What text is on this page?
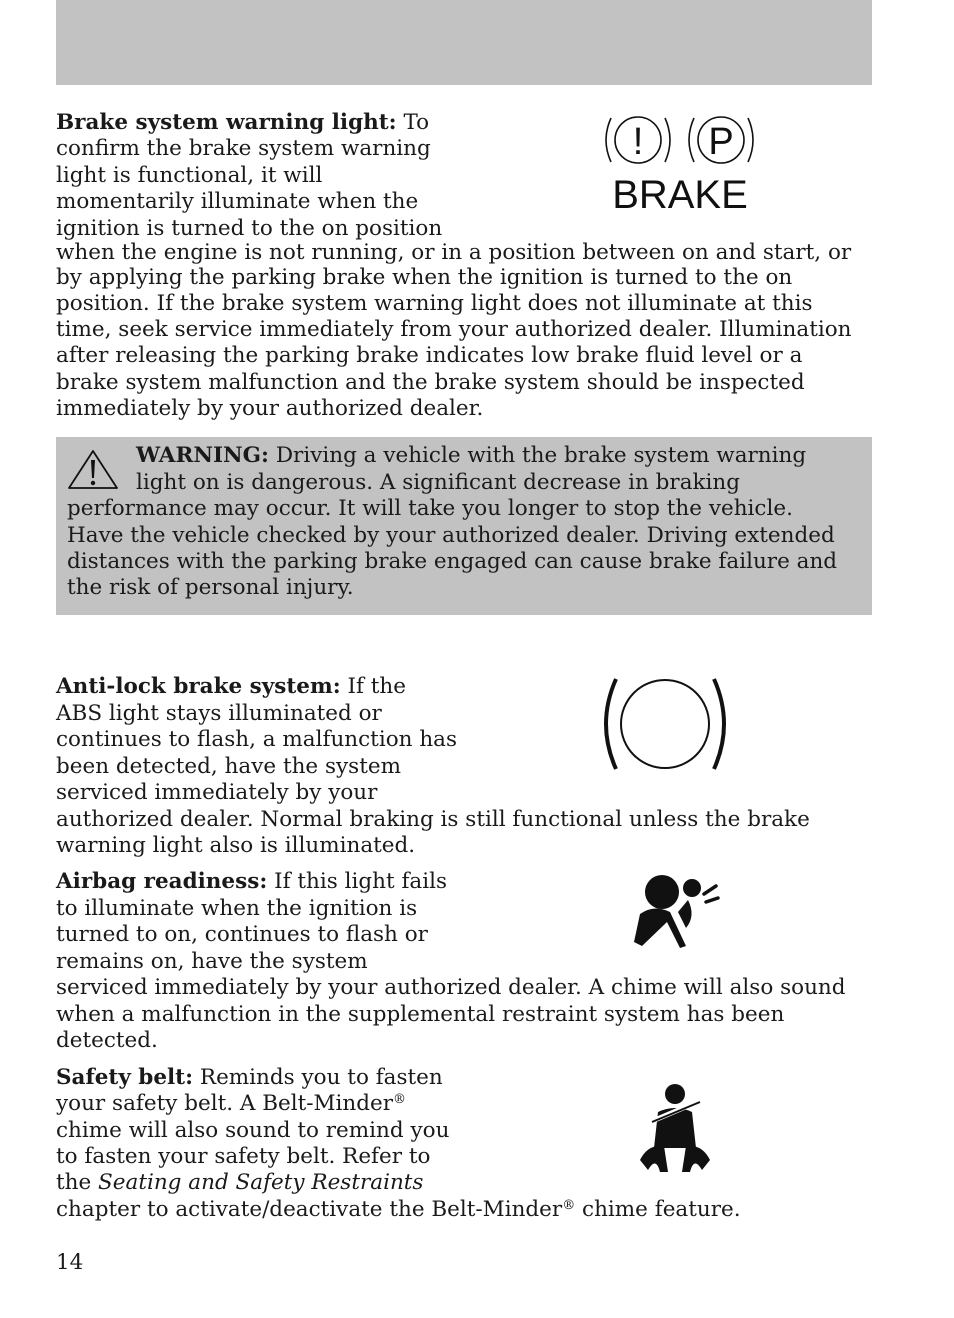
Brake system warning light: To
confirm the brake system warning
light is functional, it will
momentarily illuminate when the
ignition is turned to the on position
when the engine is not running, or in a position between on and start, or
by applying the parking brake when the ignition is turned to the on
position. If the brake system warning light does not illuminate at this
time, seek service immediately from your authorized dealer. Illumination
after releasing the parking brake indicates low brake fluid level or a
brake system malfunction and the brake system should be inspected
immediately by your authorized dealer.
! P
BRAKE
WARNING: Driving a vehicle with the brake system warning
light on is dangerous. A significant decrease in braking
performance may occur. It will take you longer to stop the vehicle.
Have the vehicle checked by your authorized dealer. Driving extended
distances with the parking brake engaged can cause brake failure and
the risk of personal injury.
Anti-lock brake system: If the
ABS light stays illuminated or
continues to flash, a malfunction has
been detected, have the system
serviced immediately by your
authorized dealer. Normal braking is still functional unless the brake
warning light also is illuminated.
Airbag readiness: If this light fails
to illuminate when the ignition is
turned to on, continues to flash or
remains on, have the system
serviced immediately by your authorized dealer. A chime will also sound
when a malfunction in the supplemental restraint system has been
detected.
Safety belt: Reminds you to fasten
your safety belt. A Belt-Minder®
chime will also sound to remind you
to fasten your safety belt. Refer to
the Seating and Safety Restraints
chapter to activate/deactivate the Belt-Minder® chime feature.
14
